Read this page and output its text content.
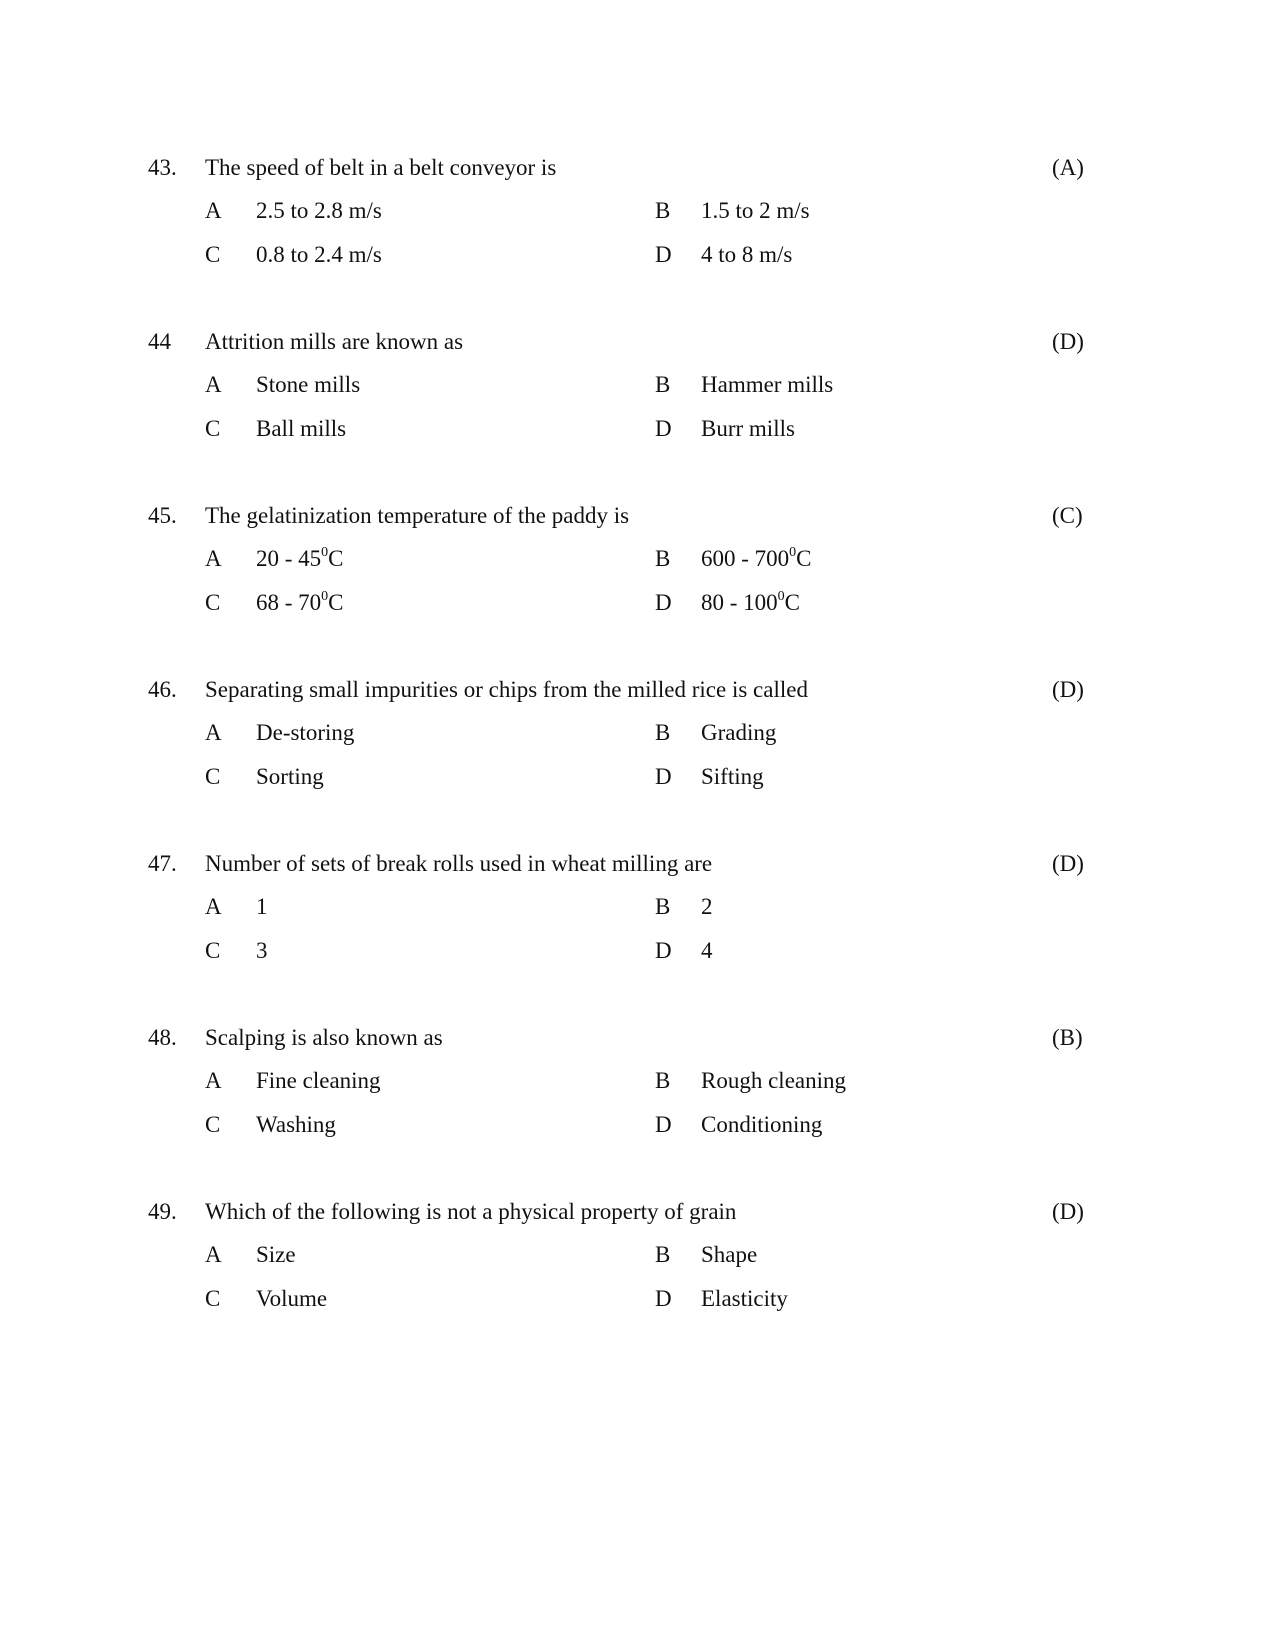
43. The speed of belt in a belt conveyor is	(A)
A 2.5 to 2.8 m/s	B 1.5 to 2 m/s
C 0.8 to 2.4 m/s	D 4 to 8 m/s
44 Attrition mills are known as	(D)
A Stone mills	B Hammer mills
C Ball mills	D Burr mills
45. The gelatinization temperature of the paddy is	(C)
A $20 - 45^0C$	B $600 - 700^0C$
C $68 - 70^0C$	D $80 - 100^0C$
46. Separating small impurities or chips from the milled rice is called	(D)
A De-storing	B Grading
C Sorting	D Sifting
47. Number of sets of break rolls used in wheat milling are	(D)
A 1	B 2
C 3	D 4
48. Scalping is also known as	(B)
A Fine cleaning	B Rough cleaning
C Washing	D Conditioning
49. Which of the following is not a physical property of grain	(D)
A Size	B Shape
C Volume	D Elasticity
